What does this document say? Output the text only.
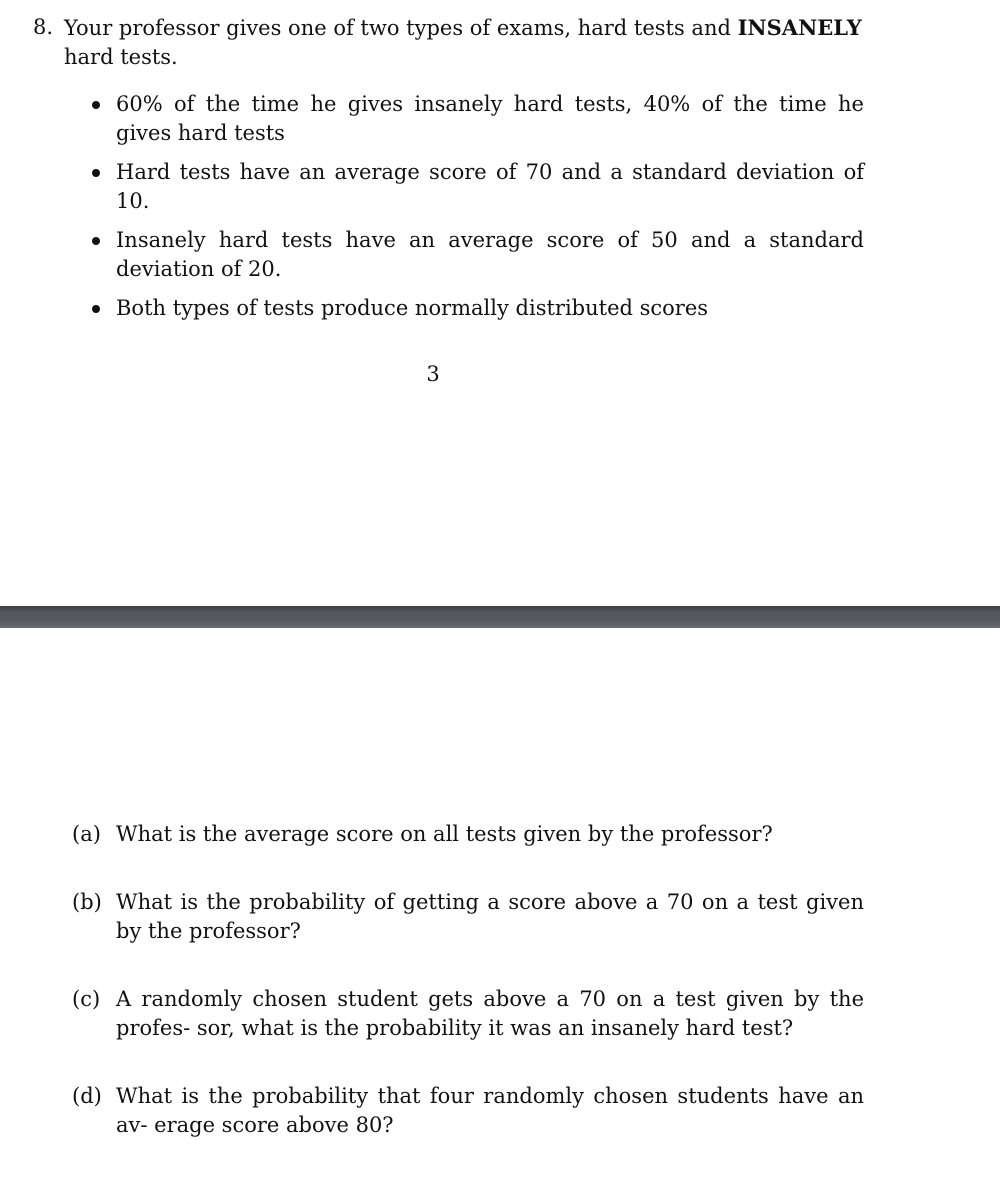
8. Your professor gives one of two types of exams, hard tests and INSANELY hard tests.
60% of the time he gives insanely hard tests, 40% of the time he gives hard tests
Hard tests have an average score of 70 and a standard deviation of 10.
Insanely hard tests have an average score of 50 and a standard deviation of 20.
Both types of tests produce normally distributed scores
3
(a) What is the average score on all tests given by the professor?
(b) What is the probability of getting a score above a 70 on a test given by the professor?
(c) A randomly chosen student gets above a 70 on a test given by the profes- sor, what is the probability it was an insanely hard test?
(d) What is the probability that four randomly chosen students have an av- erage score above 80?
